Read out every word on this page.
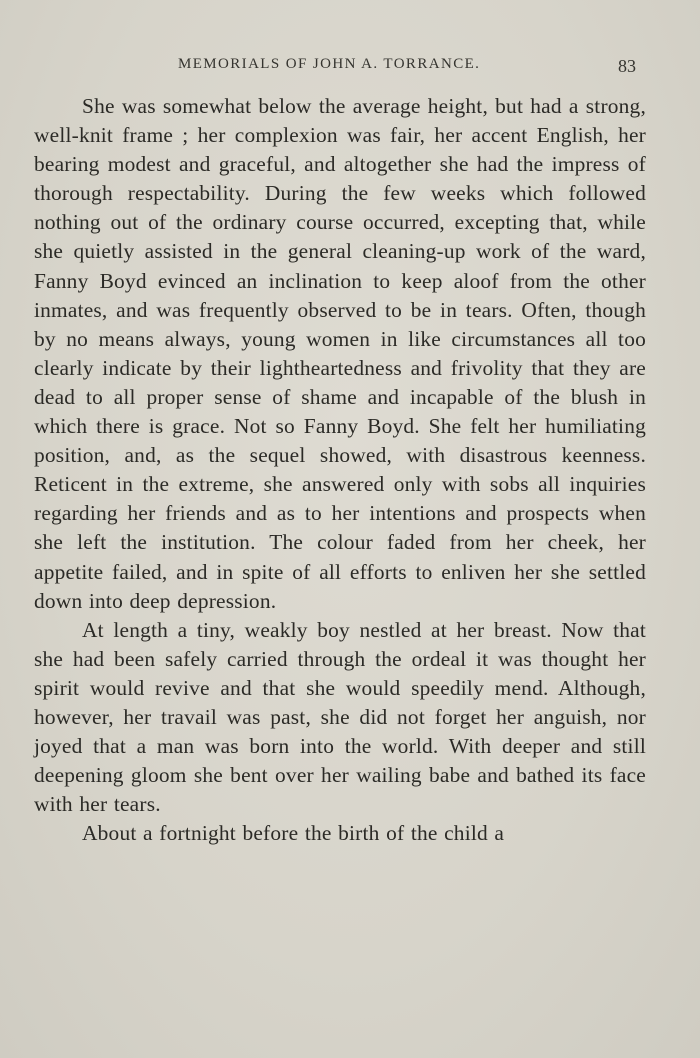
MEMORIALS OF JOHN A. TORRANCE.	83

She was somewhat below the average height, but had a strong, well-knit frame ; her complexion was fair, her accent English, her bearing modest and graceful, and altogether she had the impress of thorough respectability. During the few weeks which followed nothing out of the ordinary course occurred, excepting that, while she quietly assisted in the general cleaning-up work of the ward, Fanny Boyd evinced an inclination to keep aloof from the other inmates, and was frequently observed to be in tears. Often, though by no means always, young women in like circumstances all too clearly indicate by their lightheartedness and frivolity that they are dead to all proper sense of shame and incapable of the blush in which there is grace. Not so Fanny Boyd. She felt her humiliating position, and, as the sequel showed, with disastrous keenness. Reticent in the extreme, she answered only with sobs all inquiries regarding her friends and as to her intentions and prospects when she left the institution. The colour faded from her cheek, her appetite failed, and in spite of all efforts to enliven her she settled down into deep depression.

At length a tiny, weakly boy nestled at her breast. Now that she had been safely carried through the ordeal it was thought her spirit would revive and that she would speedily mend. Although, however, her travail was past, she did not forget her anguish, nor joyed that a man was born into the world. With deeper and still deepening gloom she bent over her wailing babe and bathed its face with her tears.

About a fortnight before the birth of the child a
